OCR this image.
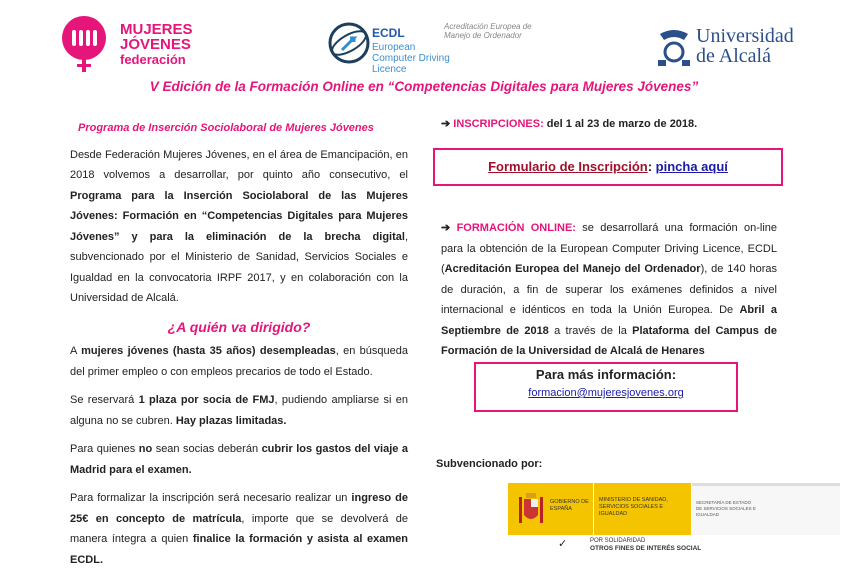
MUJERES
JÓVENES
federación
ECDL
European Computer Driving Licence
Acreditación Europea de Manejo de Ordenador	Universidad
de Alcalá
V Edición de la Formación Online en “Competencias Digitales para Mujeres Jóvenes”
Programa de Inserción Sociolaboral de Mujeres Jóvenes

Desde Federación Mujeres Jóvenes, en el área de Emancipación, en 2018 volvemos a desarrollar, por quinto año consecutivo, el Programa para la Inserción Sociolaboral de las Mujeres Jóvenes: Formación en “Competencias Digitales para Mujeres Jóvenes” y para la eliminación de la brecha digital, subvencionado por el Ministerio de Sanidad, Servicios Sociales e Igualdad en la convocatoria IRPF 2017, y en colaboración con la Universidad de Alcalá.

¿A quién va dirigido?

A mujeres jóvenes (hasta 35 años) desempleadas, en búsqueda del primer empleo o con empleos precarios de todo el Estado.

Se reservará 1 plaza por socia de FMJ, pudiendo ampliarse si en alguna no se cubren. Hay plazas limitadas.

Para quienes no sean socias deberán cubrir los gastos del viaje a Madrid para el examen.

Para formalizar la inscripción será necesario realizar un ingreso de 25€ en concepto de matrícula, importe que se devolverá de manera íntegra a quien finalice la formación y asista al examen ECDL.

➔ INSCRIPCIONES: del 1 al 23 de marzo de 2018.
Formulario de Inscripción: pincha aquí

➔ FORMACIÓN ONLINE: se desarrollará una formación on-line para la obtención de la European Computer Driving Licence, ECDL (Acreditación Europea del Manejo del Ordenador), de 140 horas de duración, a fin de superar los exámenes definidos a nivel internacional e idénticos en toda la Unión Europea. De Abril a Septiembre de 2018 a través de la Plataforma del Campus de Formación de la Universidad de Alcalá de Henares

Para más información:
formacion@mujeresjovenes.org
Subvencionado por:
GOBIERNO DE ESPAÑA
MINISTERIO DE SANIDAD, SERVICIOS SOCIALES E IGUALDAD
SECRETARÍA DE ESTADO DE SERVICIOS SOCIALES E IGUALDAD
✓	POR SOLIDARIDAD
OTROS FINES DE INTERÉS SOCIAL
